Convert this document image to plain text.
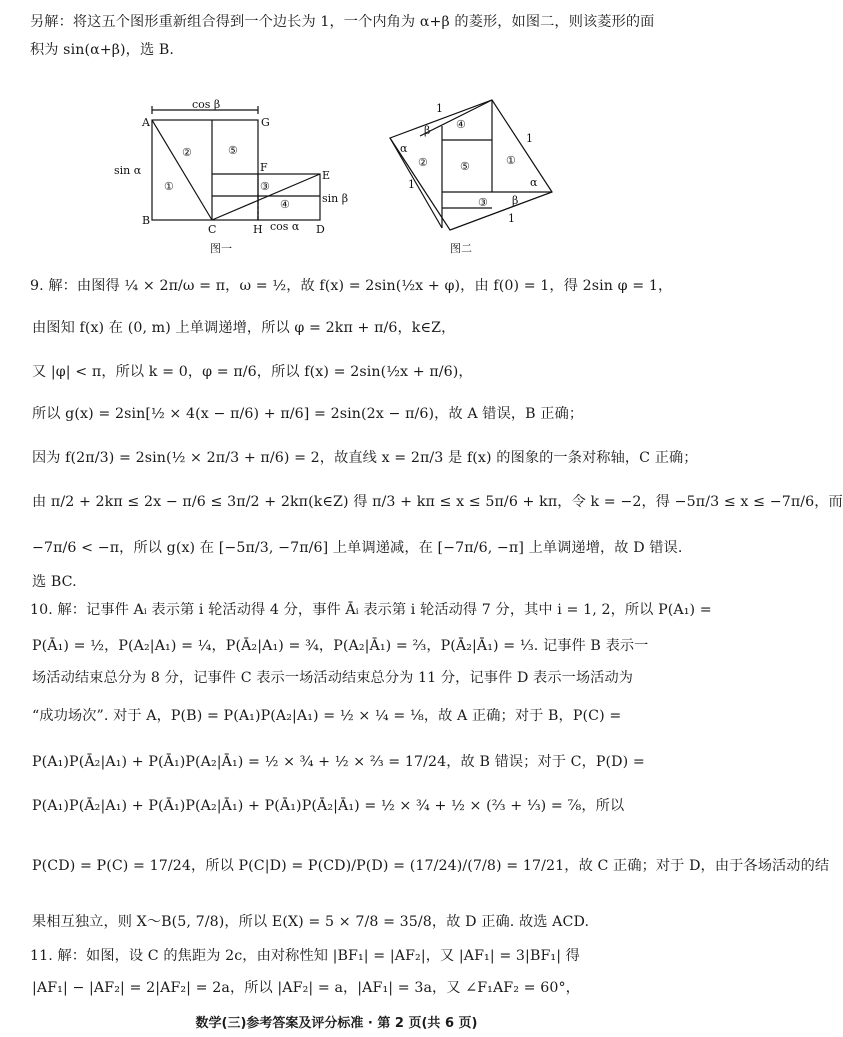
另解：将这五个图形重新组合得到一个边长为 1，一个内角为 α+β 的菱形，如图二，则该菱形的面
积为 sin(α+β)，选 B.
A
B
C	D
E
F
G
H
cos β
sin α
sin β
cos α
①
②
③
④
⑤
图一
1
1
1
1
α
β
α
β
①
②
③
④
⑤
图二
9. 解：由图得 ¼ × 2π/ω = π，ω = ½，故 f(x) = 2sin(½x + φ)，由 f(0) = 1，得 2sin φ = 1，
由图知 f(x) 在 (0, m) 上单调递增，所以 φ = 2kπ + π/6，k∈Z，
又 |φ| < π，所以 k = 0，φ = π/6，所以 f(x) = 2sin(½x + π/6)，
所以 g(x) = 2sin[½ × 4(x − π/6) + π/6] = 2sin(2x − π/6)，故 A 错误，B 正确；
因为 f(2π/3) = 2sin(½ × 2π/3 + π/6) = 2，故直线 x = 2π/3 是 f(x) 的图象的一条对称轴，C 正确；
由 π/2 + 2kπ ≤ 2x − π/6 ≤ 3π/2 + 2kπ(k∈Z) 得 π/3 + kπ ≤ x ≤ 5π/6 + kπ，令 k = −2，得 −5π/3 ≤ x ≤ −7π/6，而
−7π/6 < −π，所以 g(x) 在 [−5π/3, −7π/6] 上单调递减，在 [−7π/6, −π] 上单调递增，故 D 错误.
选 BC.
10. 解：记事件 Aᵢ 表示第 i 轮活动得 4 分，事件 Āᵢ 表示第 i 轮活动得 7 分，其中 i = 1, 2，所以 P(A₁) =
P(Ā₁) = ½，P(A₂|A₁) = ¼，P(Ā₂|A₁) = ¾，P(A₂|Ā₁) = ⅔，P(Ā₂|Ā₁) = ⅓. 记事件 B 表示一
场活动结束总分为 8 分，记事件 C 表示一场活动结束总分为 11 分，记事件 D 表示一场活动为
“成功场次”. 对于 A，P(B) = P(A₁)P(A₂|A₁) = ½ × ¼ = ⅛，故 A 正确；对于 B，P(C) =
P(A₁)P(Ā₂|A₁) + P(Ā₁)P(A₂|Ā₁) = ½ × ¾ + ½ × ⅔ = 17/24，故 B 错误；对于 C，P(D) =
P(A₁)P(Ā₂|A₁) + P(Ā₁)P(A₂|Ā₁) + P(Ā₁)P(Ā₂|Ā₁) = ½ × ¾ + ½ × (⅔ + ⅓) = ⅞，所以
P(CD) = P(C) = 17/24，所以 P(C|D) = P(CD)/P(D) = (17/24)/(7/8) = 17/21，故 C 正确；对于 D，由于各场活动的结
果相互独立，则 X～B(5, 7/8)，所以 E(X) = 5 × 7/8 = 35/8，故 D 正确. 故选 ACD.
11. 解：如图，设 C 的焦距为 2c，由对称性知 |BF₁| = |AF₂|，又 |AF₁| = 3|BF₁| 得
|AF₁| − |AF₂| = 2|AF₂| = 2a，所以 |AF₂| = a，|AF₁| = 3a，又 ∠F₁AF₂ = 60°，
数学(三)参考答案及评分标准 · 第 2 页(共 6 页)
